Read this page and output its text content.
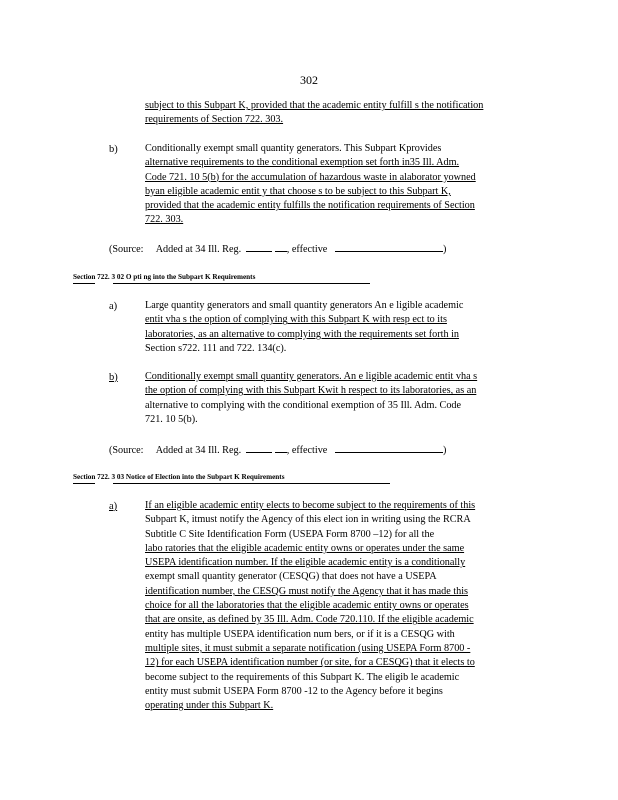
302
subject to this Subpart K, provided that the academic entity fulfill s the notification
requirements of Section 722. 303.
b)	Conditionally exempt small quantity generators. This Subpart Kprovides
alternative requirements to the conditional exemption set forth in35 Ill. Adm.
Code 721. 10 5(b) for the accumulation of hazardous waste in alaborator yowned
byan eligible academic entit y that choose s to be subject to this Subpart K,
provided that the academic entity fulfills the notification requirements of Section
722. 303.
(Source: Added at 34 Ill. Reg.	, effective	)
Section 722. 3 02 O pti ng into the Subpart K Requirements
a)	Large quantity generators and small quantity generators An e ligible academic
entit vha s the option of complying with this Subpart K with resp ect to its
laboratories, as an alternative to complying with the requirements set forth in
Section s722. 111 and 722. 134(c).
b)	Conditionally exempt small quantity generators. An e ligible academic entit vha s
the option of complying with this Subpart Kwit h respect to its laboratories, as an
alternative to complying with the conditional exemption of 35 Ill. Adm. Code
721. 10 5(b).
(Source: Added at 34 Ill. Reg.	, effective	)
Section 722. 3 03 Notice of Election into the Subpart K Requirements
a)	If an eligible academic entity elects to become subject to the requirements of this
Subpart K, itmust notify the Agency of this elect ion in writing using the RCRA
Subtitle C Site Identification Form (USEPA Form 8700 –12) for all the
labo ratories that the eligible academic entity owns or operates under the same
USEPA identification number. If the eligible academic entity is a conditionally
exempt small quantity generator (CESQG) that does not have a USEPA
identification number, the CESQG must notify the Agency that it has made this
choice for all the laboratories that the eligible academic entity owns or operates
that are onsite, as defined by 35 Ill. Adm. Code 720.110. If the eligible academic
entity has multiple USEPA identification num bers, or if it is a CESQG with
multiple sites, it must submit a separate notification (using USEPA Form 8700 -
12) for each USEPA identification number (or site, for a CESQG) that it elects to
become subject to the requirements of this Subpart K. The eligib le academic
entity must submit USEPA Form 8700 -12 to the Agency before it begins
operating under this Subpart K.
